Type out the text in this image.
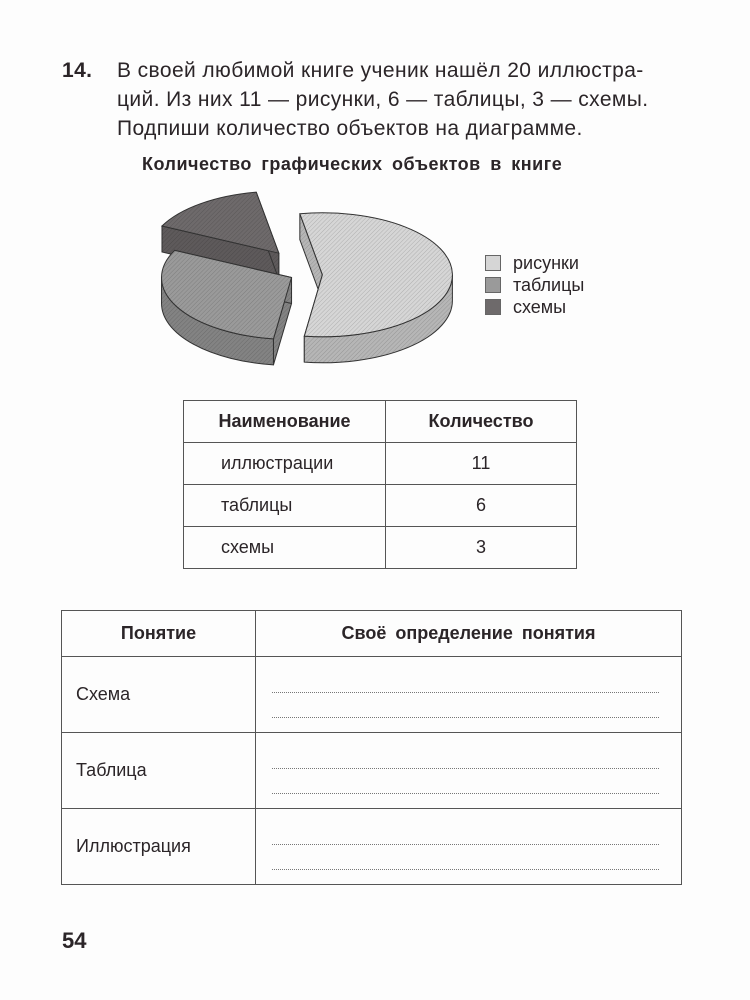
14. В своей любимой книге ученик нашёл 20 иллюстра-
ций. Из них 11 — рисунки, 6 — таблицы, 3 — схемы.
Подпиши количество объектов на диаграмме.
Количество графических объектов в книге
рисунки
таблицы
схемы
Наименование	Количество
иллюстрации	11
таблицы	6
схемы	3
Понятие	Своё определение понятия
Схема	

Таблица	

Иллюстрация	
54
